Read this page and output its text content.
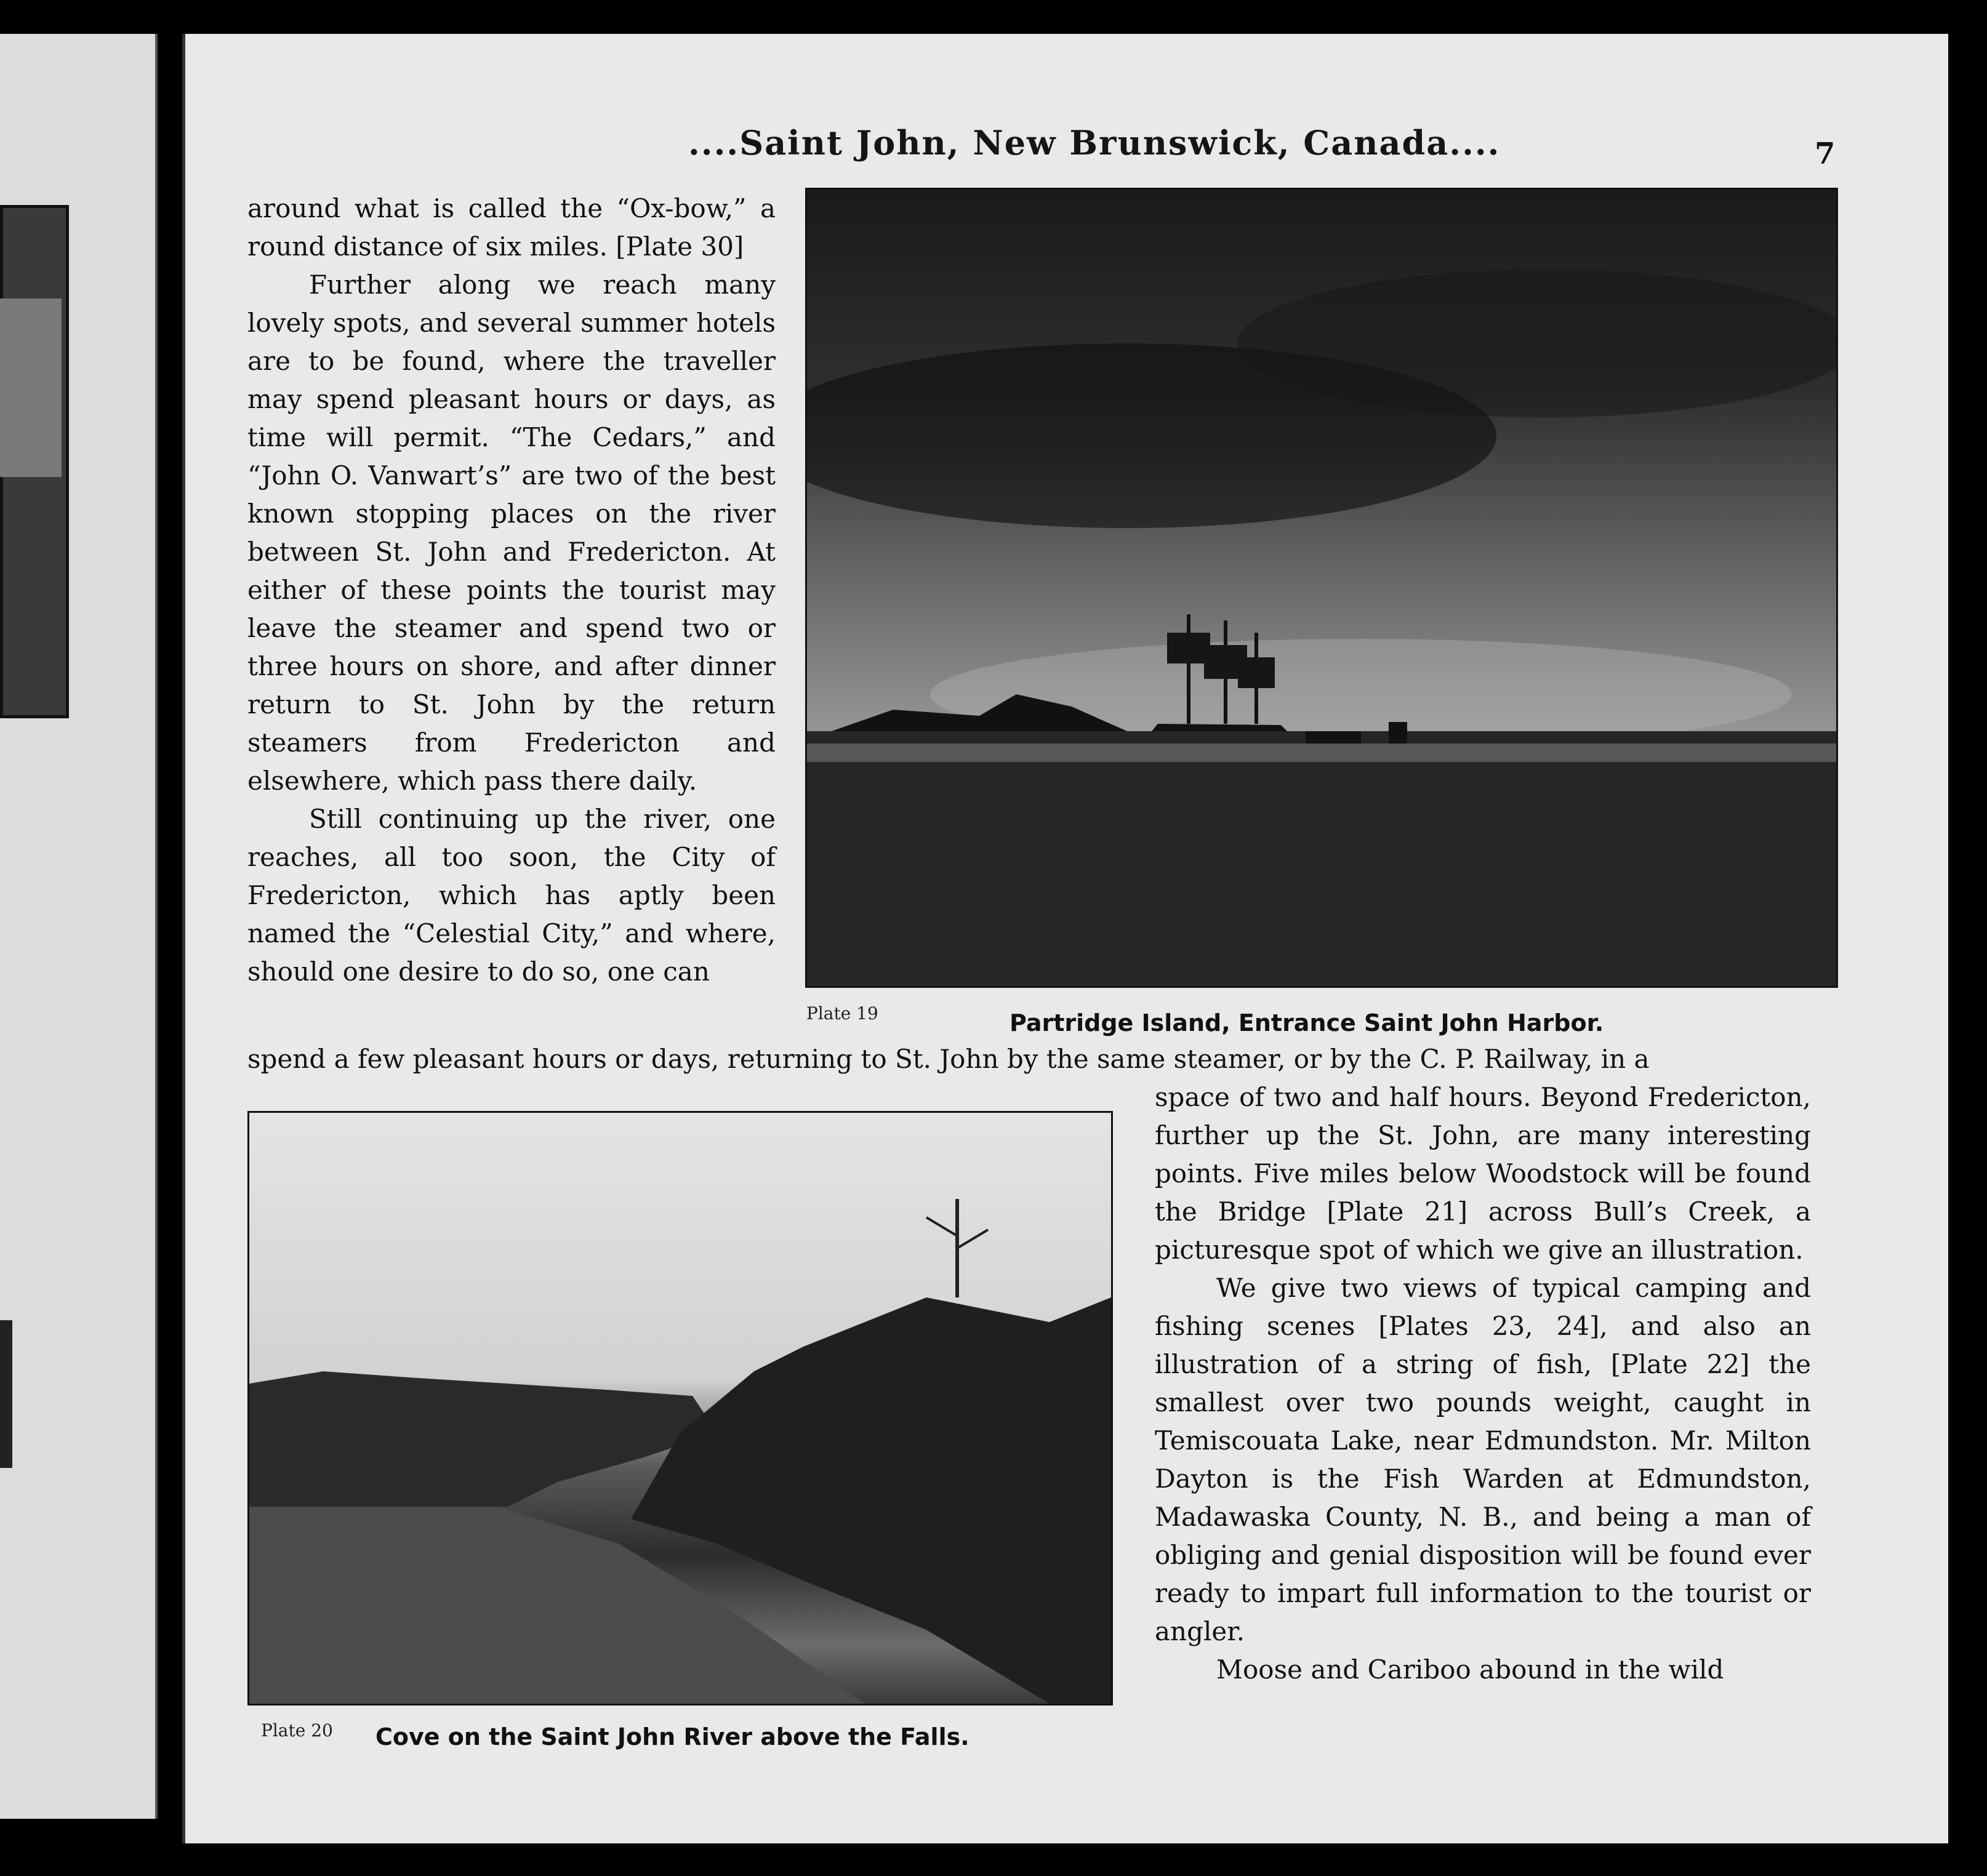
....Saint John, New Brunswick, Canada....	7

around what is called the “Ox-bow,” a round distance of six miles. [Plate 30]

Further along we reach many lovely spots, and several summer hotels are to be found, where the traveller may spend pleasant hours or days, as time will permit. “The Cedars,” and “John O. Vanwart’s” are two of the best known stopping places on the river between St. John and Fredericton. At either of these points the tourist may leave the steamer and spend two or three hours on shore, and after dinner return to St. John by the return steamers from Fredericton and elsewhere, which pass there daily.

Still continuing up the river, one reaches, all too soon, the City of Fredericton, which has aptly been named the “Celestial City,” and where, should one desire to do so, one can

Plate 19	Partridge Island, Entrance Saint John Harbor.
spend a few pleasant hours or days, returning to St. John by the same steamer, or by the C. P. Railway, in a
Plate 20 Cove on the Saint John River above the Falls.

space of two and half hours. Beyond Fredericton, further up the St. John, are many interesting points. Five miles below Woodstock will be found the Bridge [Plate 21] across Bull’s Creek, a picturesque spot of which we give an illustration.

We give two views of typical camping and fishing scenes [Plates 23, 24], and also an illustration of a string of fish, [Plate 22] the smallest over two pounds weight, caught in Temiscouata Lake, near Edmundston. Mr. Milton Dayton is the Fish Warden at Edmundston, Madawaska County, N. B., and being a man of obliging and genial disposition will be found ever ready to impart full information to the tourist or angler.

Moose and Cariboo abound in the wild
